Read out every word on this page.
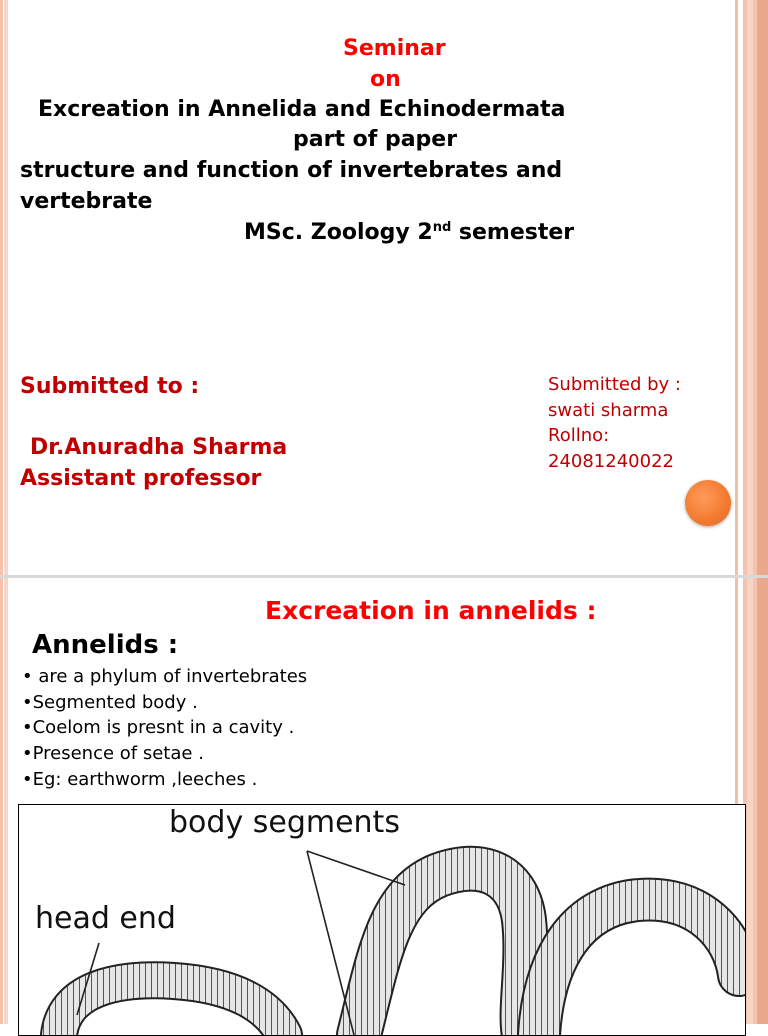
Seminar
on
Excreation in Annelida and Echinodermata
part of paper
structure and function of invertebrates and
vertebrate
MSc. Zoology 2nd semester
Submitted to :
Dr.Anuradha Sharma
Assistant professor
Submitted by :
swati sharma
Rollno:
24081240022
Excreation in annelids :
Annelids :
• are a phylum of invertebrates
•Segmented body .
•Coelom is presnt in a cavity .
•Presence of setae .
•Eg: earthworm ,leeches .
body segments
head end
